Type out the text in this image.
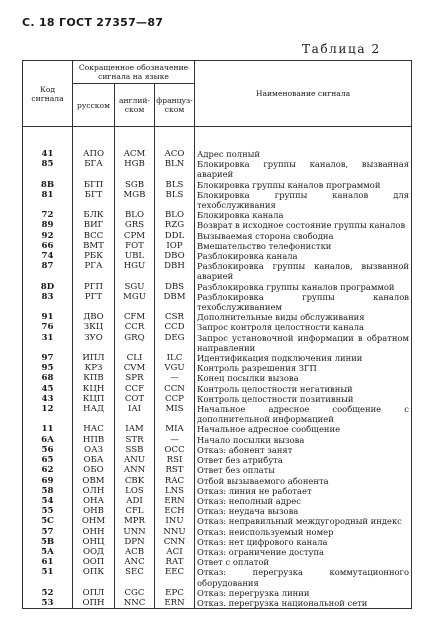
С. 18 ГОСТ 27357—87
Таблица 2
Код сигнала	Сокращенное обозначение сигнала на языке			Наименование сигнала
	русском	англий-ском	француз-ском	

41	АПО	ACM	ACO	Адрес полный
85	БГА	HGB	BLN	Блокировка группы каналов, вызванная аварией
8B	БГП	SGB	BLS	Блокировка группы каналов программой
81	БГТ	MGB	BLS	Блокировка группы каналов для техобслуживания
72	БЛК	BLO	BLO	Блокировка канала
89	ВИГ	GRS	RZG	Возврат в исходное состояние группы каналов
92	ВСС	CPM	DDL	Вызываемая сторона свободна
66	ВМТ	FOT	IOP	Вмешательство телефонистки
74	РБК	UBL	DBO	Разблокировка канала
87	РГА	HGU	DBH	Разблокировка группы каналов, вызванной аварией
8D	РГП	SGU	DBS	Разблокировка группы каналов программой
83	РГТ	MGU	DBM	Разблокировка группы каналов техобслуживанием
91	ДВО	CFM	CSR	Дополнительные виды обслуживания
76	ЗКЦ	CCR	CCD	Запрос контроля целостности канала
31	ЗУО	GRQ	DEG	Запрос установочной информации в обратном направлении
97	ИПЛ	CLI	ILC	Идентификация подключения линии
95	КРЗ	CVM	VGU	Контроль разрешения ЗГП
68	КПВ	SPR	—	Конец посылки вызова
45	КЦН	CCF	CCN	Контроль целостности негативный
43	КЦП	COT	CCP	Контроль целостности позитивный
12	НАД	IAI	MIS	Начальное адресное сообщение с дополнительной информацией
11	НАС	IAM	MIA	Начальное адресное сообщение
6A	НПВ	STR	—	Начало посылки вызова
56	ОАЗ	SSB	OCC	Отказ: абонент занят
65	ОБА	ANU	RSI	Ответ без атрибута
62	ОБО	ANN	RST	Ответ без оплаты
69	ОВМ	CBK	RAC	Отбой вызываемого абонента
58	ОЛН	LOS	LNS	Отказ: линия не работает
54	ОНА	ADI	ERN	Отказ: неполный адрес
55	ОНВ	CFL	ECH	Отказ: неудача вызова
5C	ОНМ	MPR	INU	Отказ: неправильный междугородный индекс
57	ОНН	UNN	NNU	Отказ: неиспользуемый номер
5B	ОНЦ	DPN	CNN	Отказ: нет цифрового канала
5A	ООД	ACB	ACI	Отказ: ограничение доступа
61	ООП	ANC	RAT	Ответ с оплатой
51	ОПК	SEC	EEC	Отказ: перегрузка коммутационного оборудования
52	ОПЛ	CGC	EPC	Отказ: перегрузка линии
53	ОПН	NNC	ERN	Отказ. перегрузка национальной сети
